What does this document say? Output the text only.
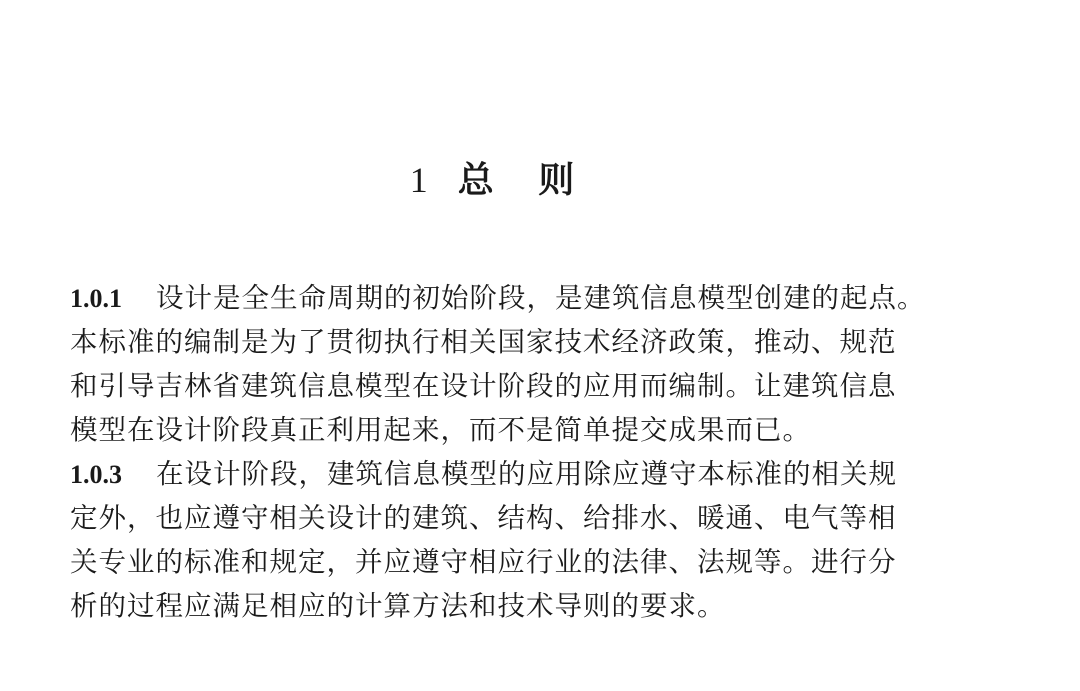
1 总 则
1.0.1 设计是全生命周期的初始阶段，是建筑信息模型创建的起点。
本标准的编制是为了贯彻执行相关国家技术经济政策，推动、规范
和引导吉林省建筑信息模型在设计阶段的应用而编制。让建筑信息
模型在设计阶段真正利用起来，而不是简单提交成果而已。
1.0.3 在设计阶段，建筑信息模型的应用除应遵守本标准的相关规
定外，也应遵守相关设计的建筑、结构、给排水、暖通、电气等相
关专业的标准和规定，并应遵守相应行业的法律、法规等。进行分
析的过程应满足相应的计算方法和技术导则的要求。
